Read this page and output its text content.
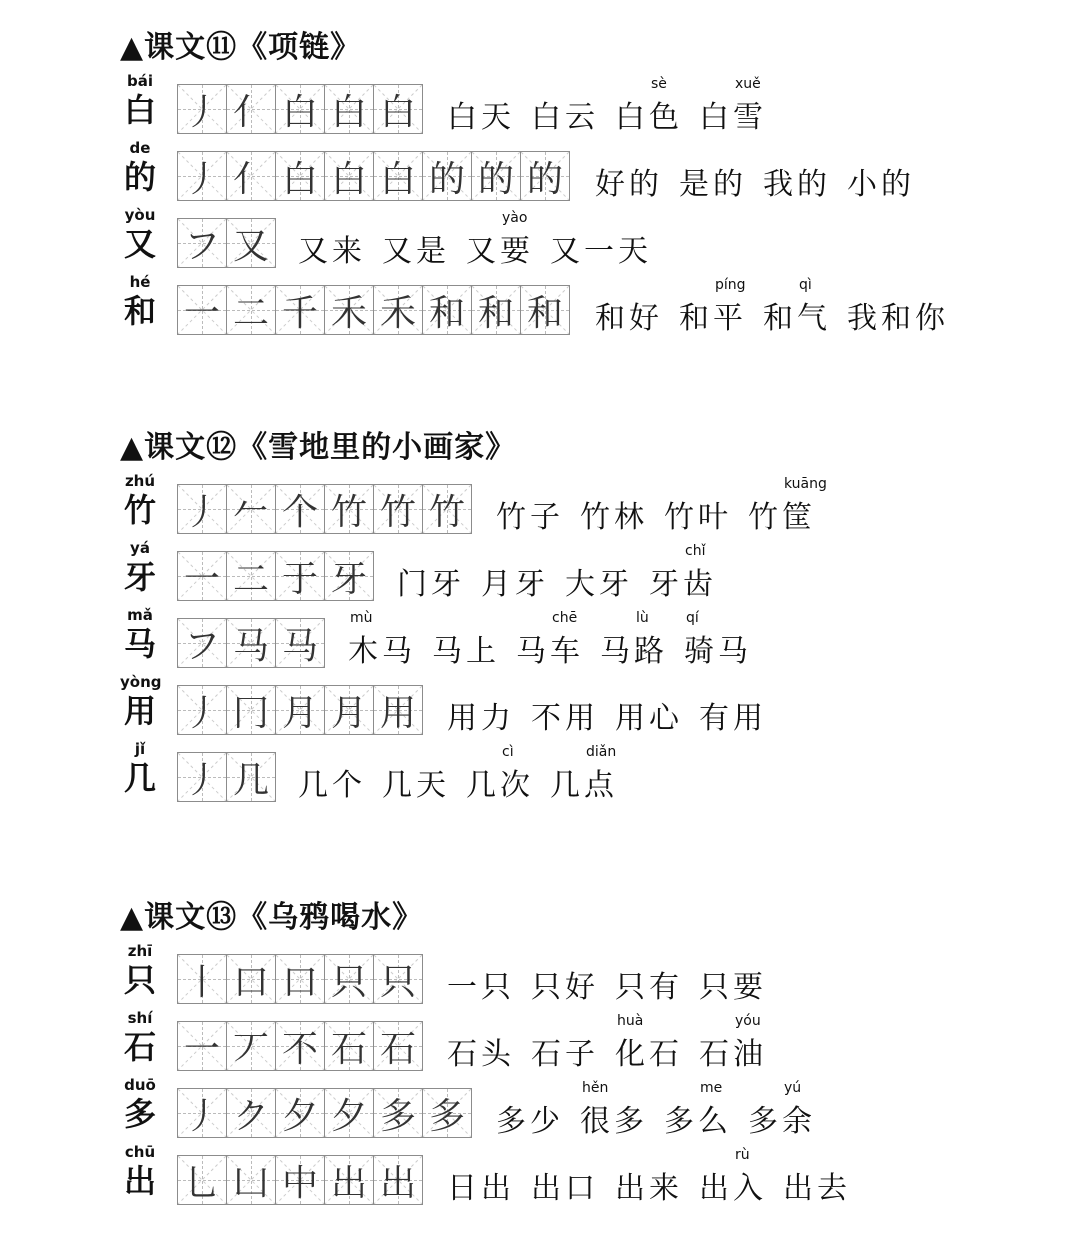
▲课文⑪《项链》
bái
白 丿 亻 白 白 白 白天 白云 白色
sè
白雪
xuě
de
的 丿 亻 白 白 白 的 的 的 好的 是的 我的 小的
yòu
又 フ 又 又来 又是 又要
yào
又一天
hé
和 一 二 千 禾 禾 和 和 和 和好 和平
píng
和气
qì
我和你
▲课文⑫《雪地里的小画家》
zhú
竹 丿 𠂉 个 竹 竹 竹 竹子 竹林 竹叶 竹筐
kuāng
yá
牙 一 二 于 牙 门牙 月牙 大牙 牙齿
chǐ
mǎ
马 フ 马 马 木马
mù
马上 马车
chē
马路
lù
骑马
qí
yòng
用 丿 冂 月 月 用 用力 不用 用心 有用
jǐ
几 丿 几 几个 几天 几次
cì
几点
diǎn
▲课文⑬《乌鸦喝水》
zhī
只 丨 口 口 只 只 一只 只好 只有 只要
shí
石 一 丆 不 石 石 石头 石子 化石
huà
石油
yóu
duō
多 丿 ク 夕 夕 多 多 多少 很多
hěn
多么
me
多余
yú
chū
出 乚 凵 中 出 出 日出 出口 出来 出入
rù
出去
